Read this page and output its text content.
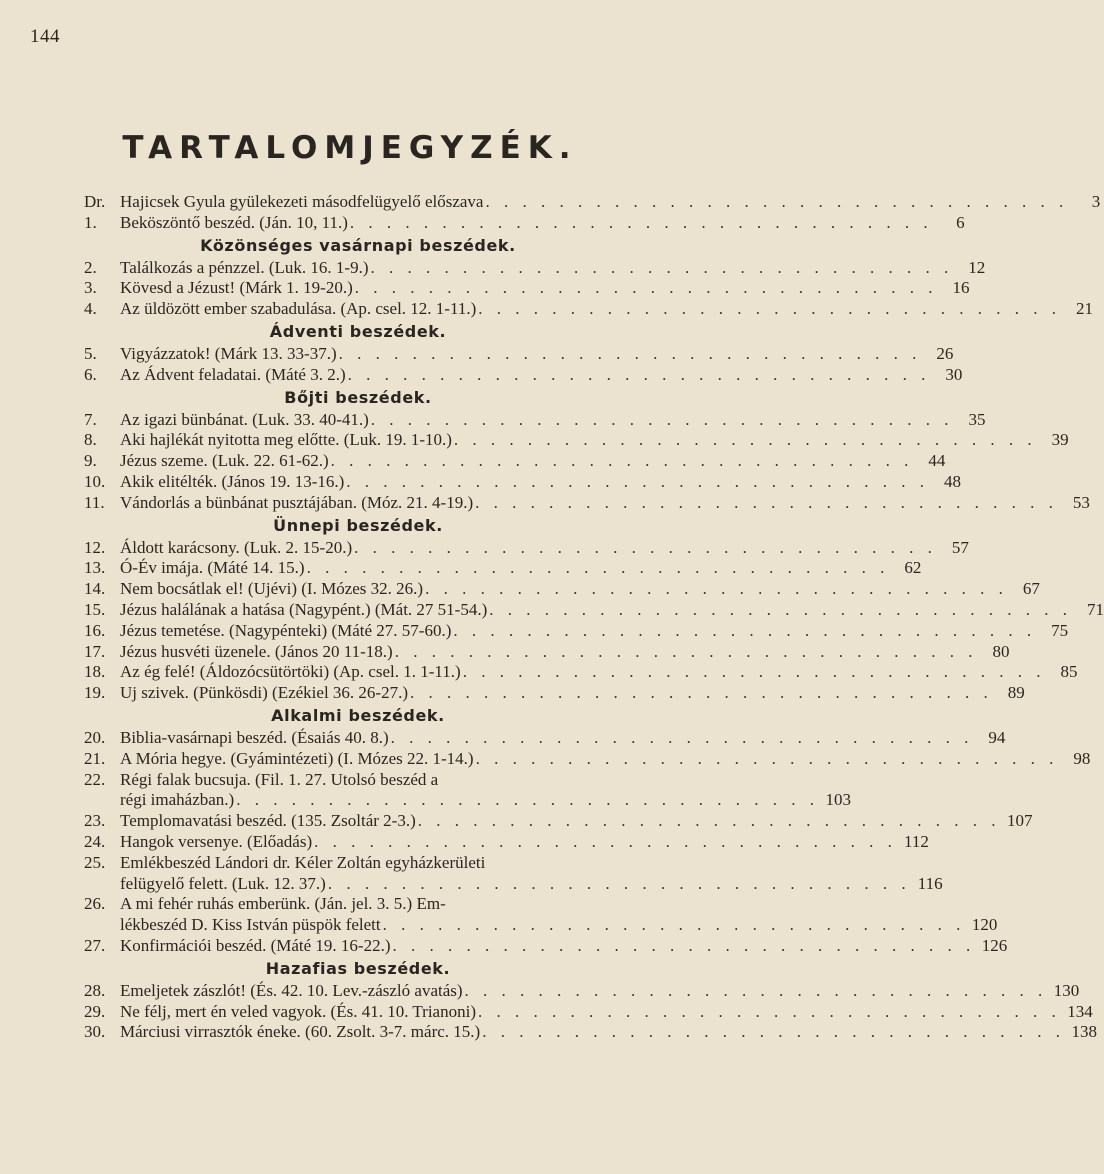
144
TARTALOMJEGYZÉK.
Dr. Hajicsek Gyula gyülekezeti másodfelügyelő előszava . . .	3
1.	Beköszöntő beszéd. (Ján. 10, 11.) . . .	6
Közönséges vasárnapi beszédek.
2.	Találkozás a pénzzel. (Luk. 16. 1-9.) . . .	12
3.	Kövesd a Jézust! (Márk 1. 19-20.) . . .	16
4.	Az üldözött ember szabadulása. (Ap. csel. 12. 1-11.) . . .	21
Ádventi beszédek.
5.	Vigyázzatok! (Márk 13. 33-37.) . . .	26
6.	Az Ádvent feladatai. (Máté 3. 2.) . . .	30
Bőjti beszédek.
7.	Az igazi bünbánat. (Luk. 33. 40-41.) . . .	35
8.	Aki hajlékát nyitotta meg előtte. (Luk. 19. 1-10.) . . .	39
9.	Jézus szeme. (Luk. 22. 61-62.) . . .	44
10. Akik elitélték. (János 19. 13-16.) . . .	48
11. Vándorlás a bünbánat pusztájában. (Móz. 21. 4-19.) . . .	53
Ünnepi beszédek.
12. Áldott karácsony. (Luk. 2. 15-20.) . . .	57
13. Ó-Év imája. (Máté 14. 15.) . . .	62
14. Nem bocsátlak el! (Ujévi) (I. Mózes 32. 26.) . . .	67
15. Jézus halálának a hatása (Nagypént.) (Mát. 27 51-54.) . . .	71
16. Jézus temetése. (Nagypénteki) (Máté 27. 57-60.) . . .	75
17. Jézus husvéti üzenele. (János 20 11-18.) . . .	80
18. Az ég felé! (Áldozócsütörtöki) (Ap. csel. 1. 1-11.) . . .	85
19. Uj szivek. (Pünkösdi) (Ezékiel 36. 26-27.) . . .	89
Alkalmi beszédek.
20. Biblia-vasárnapi beszéd. (Ésaiás 40. 8.) . . .	94
21. A Mória hegye. (Gyámintézeti) (I. Mózes 22. 1-14.) . . .	98
22. Régi falak bucsuja. (Fil. 1. 27. Utolsó beszéd a
régi imaházban.) . . .	103
23. Templomavatási beszéd. (135. Zsoltár 2-3.) . . .	107
24. Hangok versenye. (Előadás) . . .	112
25. Emlékbeszéd Lándori dr. Kéler Zoltán egyházkerületi
felügyelő felett. (Luk. 12. 37.) . . .	116
26. A mi fehér ruhás emberünk. (Ján. jel. 3. 5.) Em-
lékbeszéd D. Kiss István püspök felett . . .	120
27. Konfirmációi beszéd. (Máté 19. 16-22.) . . .	126
Hazafias beszédek.
28. Emeljetek zászlót! (És. 42. 10. Lev.-zászló avatás) . . .	130
29. Ne félj, mert én veled vagyok. (És. 41. 10. Trianoni) . . .	134
30. Márciusi virrasztók éneke. (60. Zsolt. 3-7. márc. 15.) . . .	138
